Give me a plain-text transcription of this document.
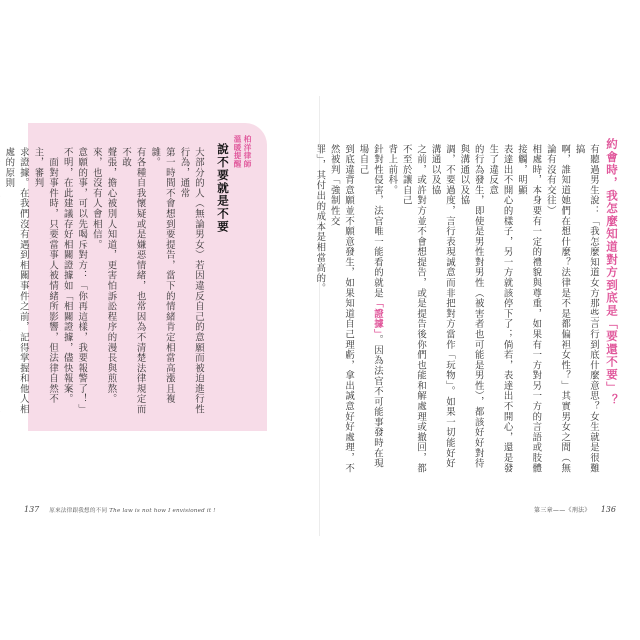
柏洋律師
溫暖提醒
說不要就是不要
大部分的人（無論男女）若因違反自己的意願而被迫進行性行為，通常
第一時間不會想到要提告，當下的情緒肯定相當高漲且複雜。
有各種自我懷疑或是嫌惡情緒，也常因為不清楚法律規定而不敢
聲張，擔心被別人知道，更害怕訴訟程序的漫長與煎熬。
來，也沒有人會相信。
意願的事，可以先喝斥對方：「你再這樣，我要報警了！」
不明，在此建議存好相關證據如「相關證據，儘快報案。
　面對事件時，只要當事人被情緒所影響，但法律自然不主，審判
求證據。在我們沒有遇到相關事件之前，記得掌握和他人相處的原則

137 原來法律跟我想的不同 The law is not how I envisioned it !
約會時，我怎麼知道對方到底是「要還不要」？
有聽過男生說：「我怎麼知道女方那些言行到底什麼意思？女生就是很難搞
啊，誰知道她們在想什麼？法律是不是都偏袒女性？」其實男女之間（無論有沒有交往）
相處時，本身要有一定的禮貌與尊重，如果有一方對另一方的言語或肢體接觸，明顯
表達出不開心的樣子，另一方就該停下了；倘若，表達出不開心，還是發生了違反意
的行為發生，即使是男性對男性（被害者也可能是男性），都該好好對待與溝通以及協
調，不要過度，言行表現誠意而非把對方當作「玩物」。如果一切能好好溝通以及協
之前，或許對方並不會想提告，或是提告後你們也能和解處理或撤回，都不至於讓自己
背上前科。
針對性侵害，法官唯一能看的就是「證據」。因為法官不可能事發時在現場自己
到底違背意願並不願意發生，如果知道自己理虧，拿出誠意好好處理，不然被判「強制性交
罪」，其付出的成本是相當高的。
第三章——《刑法》 136
